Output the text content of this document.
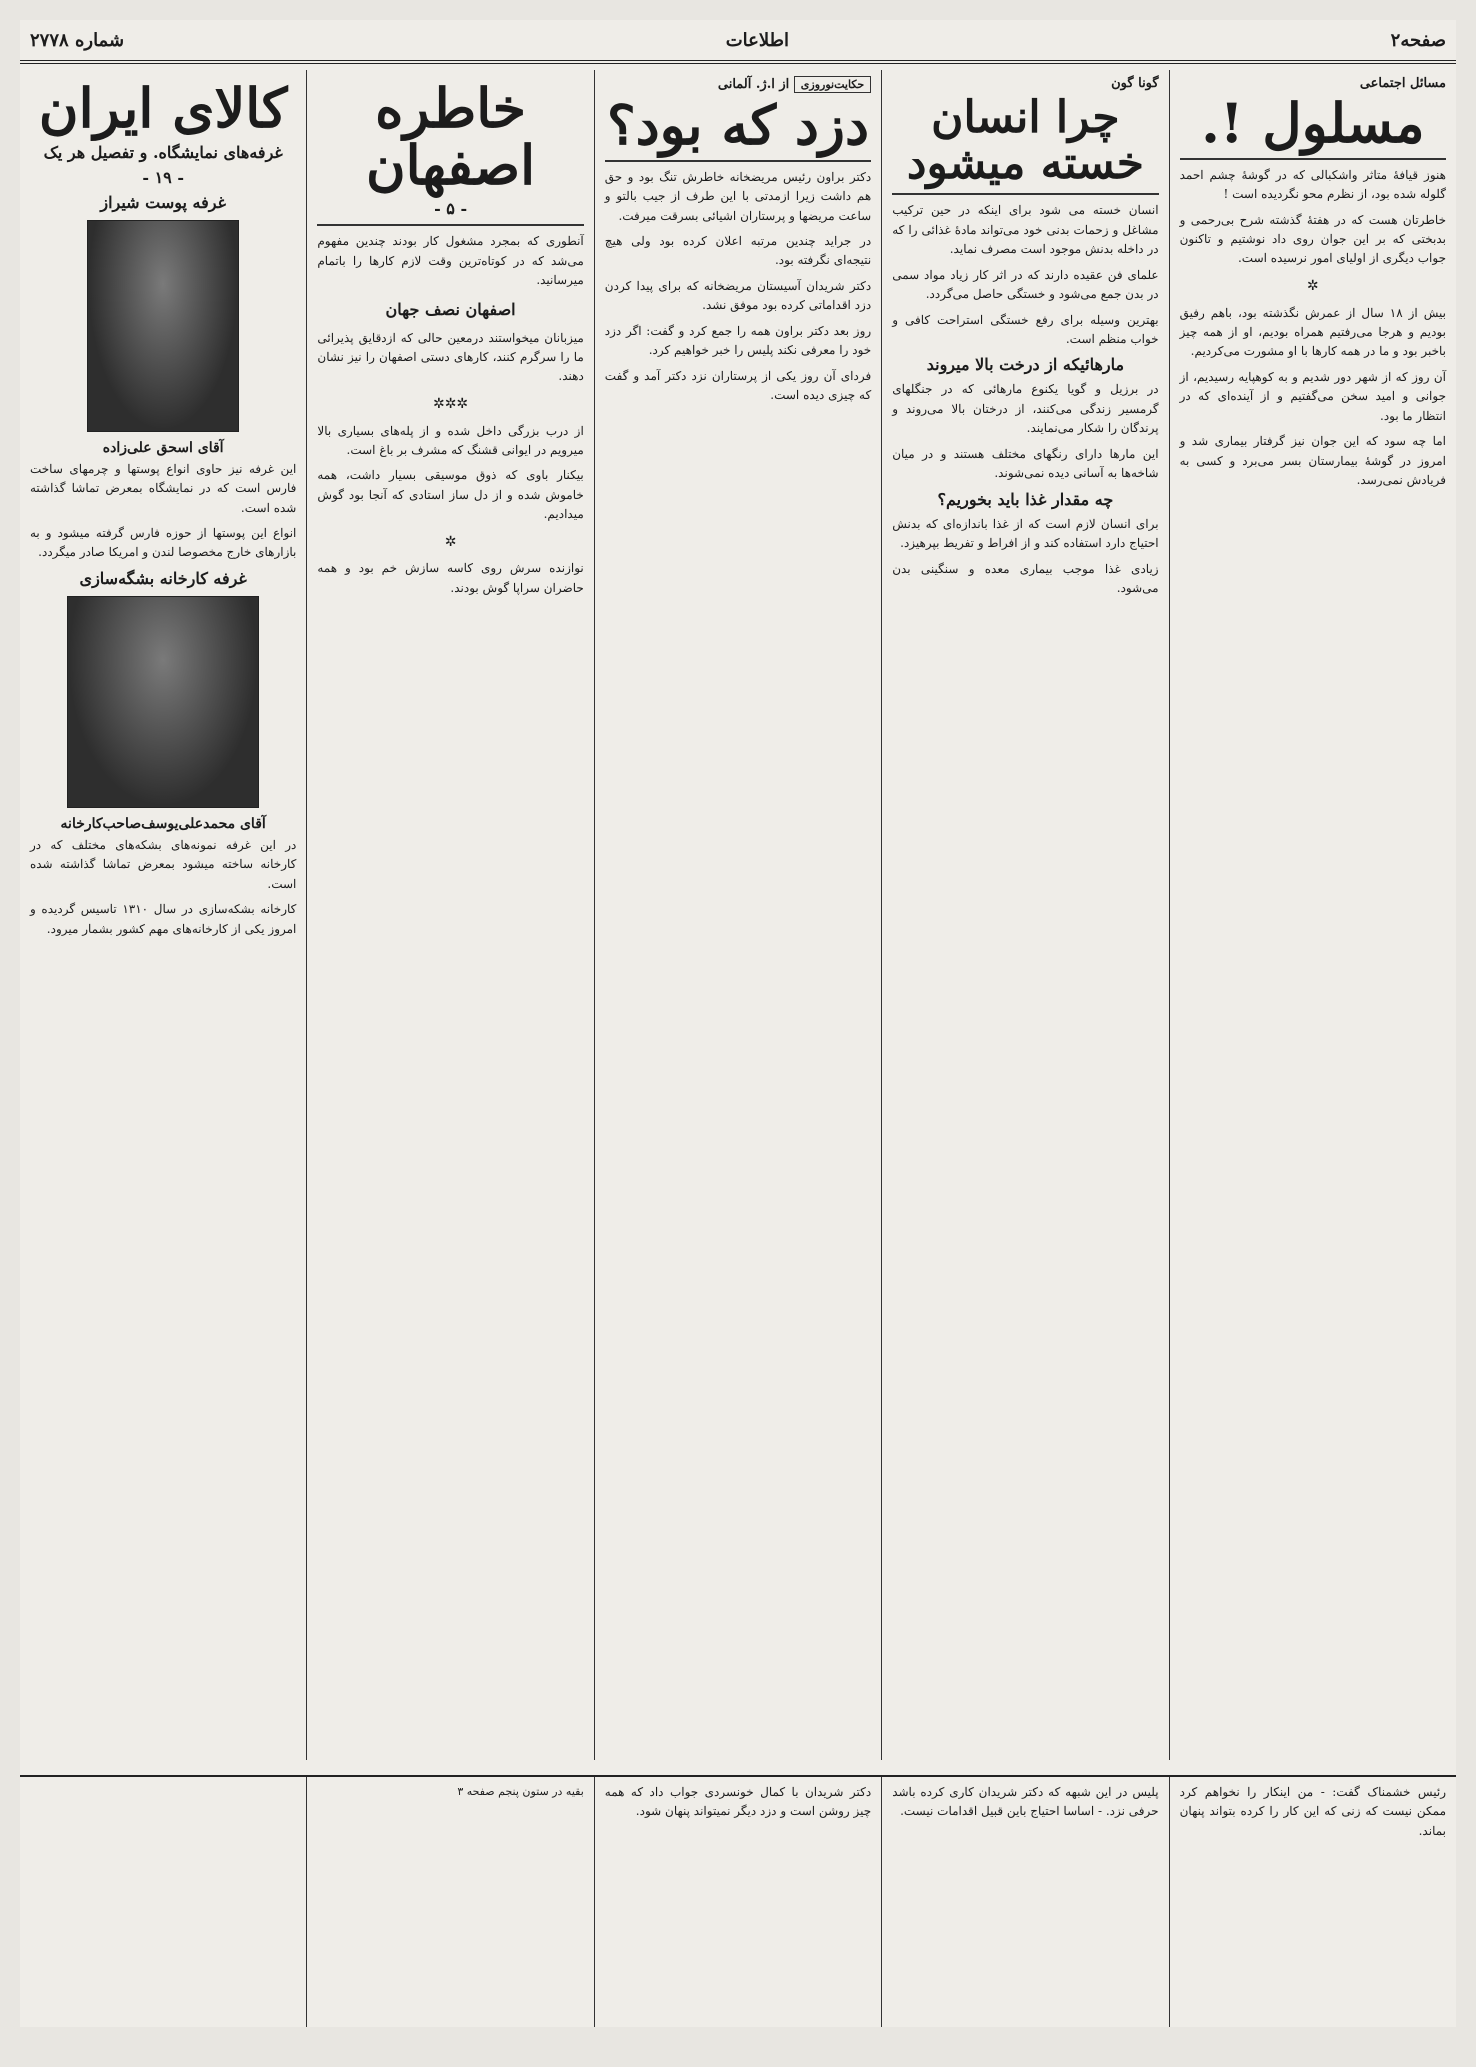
صفحه۲
اطلاعات
شماره ۲۷۷۸
مسائل اجتماعی
مسلول !.

هنوز قیافهٔ متاثر واشکبالی که در گوشهٔ چشم احمد گلوله شده بود، از نظرم محو نگردیده است !

خاطرتان هست که در هفتهٔ گذشته شرح بی‌رحمی و بدبختی که بر این جوان روی داد نوشتیم و تاکنون جواب دیگری از اولیای امور نرسیده است.

✲

بیش از ۱۸ سال از عمرش نگذشته بود، باهم رفیق بودیم و هرجا می‌رفتیم همراه بودیم، او از همه چیز باخبر بود و ما در همه کارها با او مشورت می‌کردیم.

آن روز که از شهر دور شدیم و به کوهپایه رسیدیم، از جوانی و امید سخن می‌گفتیم و از آینده‌ای که در انتظار ما بود.

اما چه سود که این جوان نیز گرفتار بیماری شد و امروز در گوشهٔ بیمارستان بسر می‌برد و کسی به فریادش نمی‌رسد.

گونا گون
چرا انسان خسته میشود

انسان خسته می شود برای اینکه در حین ترکیب مشاغل و زحمات بدنی خود می‌تواند مادهٔ غذائی را که در داخله بدنش موجود است مصرف نماید.

علمای فن عقیده دارند که در اثر کار زیاد مواد سمی در بدن جمع می‌شود و خستگی حاصل می‌گردد.

بهترین وسیله برای رفع خستگی استراحت کافی و خواب منظم است.

مارهائیکه از درخت بالا میروند

در برزیل و گویا یکنوع مارهائی که در جنگلهای گرمسیر زندگی می‌کنند، از درختان بالا می‌روند و پرندگان را شکار می‌نمایند.

این مارها دارای رنگهای مختلف هستند و در میان شاخه‌ها به آسانی دیده نمی‌شوند.

چه مقدار غذا باید بخوریم؟

برای انسان لازم است که از غذا باندازه‌ای که بدنش احتیاج دارد استفاده کند و از افراط و تفریط بپرهیزد.

زیادی غذا موجب بیماری معده و سنگینی بدن می‌شود.

حکایت‌نوروزی از ا.ژ. آلمانی
دزد که بود؟

دکتر براون رئیس مریضخانه خاطرش تنگ بود و حق هم داشت زیرا ازمدتی با این طرف از جیب بالتو و ساعت مریضها و پرستاران اشیائی بسرقت میرفت.

در جراید چندین مرتبه اعلان کرده بود ولی هیچ نتیجه‌ای نگرفته بود.

دکتر شریدان آسیستان مریضخانه که برای پیدا کردن دزد اقداماتی کرده بود موفق نشد.

روز بعد دکتر براون همه را جمع کرد و گفت: اگر دزد خود را معرفی نکند پلیس را خبر خواهیم کرد.

فردای آن روز یکی از پرستاران نزد دکتر آمد و گفت که چیزی دیده است.

خاطره اصفهان
- ۵ -

آنطوری که بمجرد مشغول کار بودند چندین مفهوم می‌شد که در کوتاه‌ترین وقت لازم کارها را باتمام میرسانید.

اصفهان نصف جهان

میزبانان میخواستند درمعین حالی که ازدقایق پذیرائی ما را سرگرم کنند، کارهای دستی اصفهان را نیز نشان دهند.

✲✲✲

از درب بزرگی داخل شده و از پله‌های بسیاری بالا میرویم در ایوانی قشنگ که مشرف بر باغ است.

بیکنار باوی که ذوق موسیقی بسیار داشت، همه خاموش شده و از دل ساز استادی که آنجا بود گوش میدادیم.

✲

نوازنده سرش روی کاسه سازش خم بود و همه حاضران سراپا گوش بودند.

کالای ایران
غرفه‌های نمایشگاه. و تفصیل هر یک
- ۱۹ -
غرفه پوست شیراز
آقای اسحق علی‌زاده

این غرفه نیز حاوی انواع پوستها و چرمهای ساخت فارس است که در نمایشگاه بمعرض تماشا گذاشته شده است.

انواع این پوستها از حوزه فارس گرفته میشود و به بازارهای خارج مخصوصا لندن و امریکا صادر میگردد.

غرفه کارخانه بشگه‌سازی
آقای محمدعلی‌یوسف‌صاحب‌کارخانه

در این غرفه نمونه‌های بشکه‌های مختلف که در کارخانه ساخته میشود بمعرض تماشا گذاشته شده است.

کارخانه بشکه‌سازی در سال ۱۳۱۰ تاسیس گردیده و امروز یکی از کارخانه‌های مهم کشور بشمار میرود.

رئیس خشمناک گفت: - من اینکار را نخواهم کرد ممکن نیست که زنی که این کار را کرده بتواند پنهان بماند.
پلیس در این شبهه که دکتر شریدان کاری کرده باشد حرفی نزد. - اساسا احتیاج باین قبیل اقدامات نیست.
دکتر شریدان با کمال خونسردی جواب داد که همه چیز روشن است و دزد دیگر نمیتواند پنهان شود.
بقیه در ستون پنجم صفحه ۳
